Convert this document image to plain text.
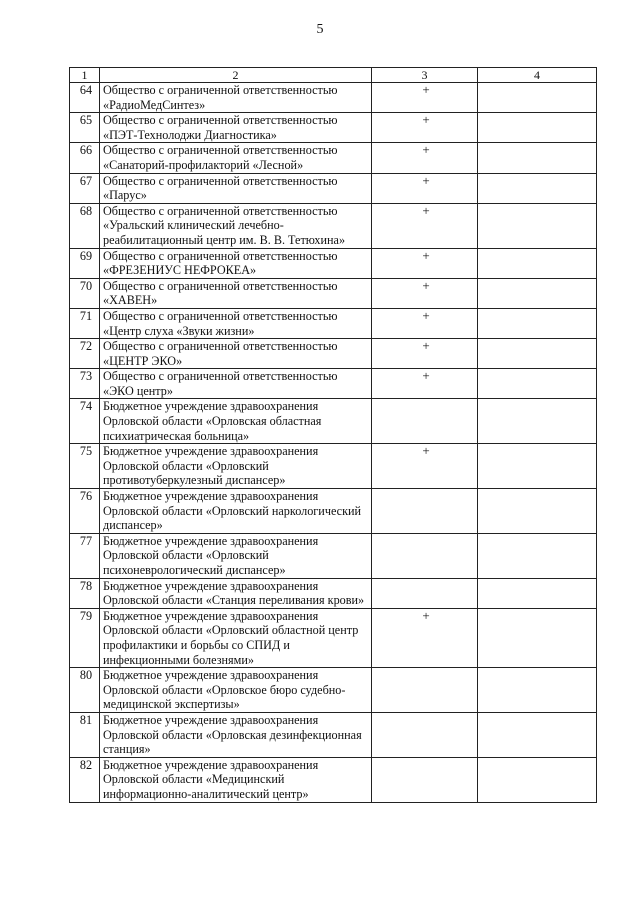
5
1	2	3	4
64	Общество с ограниченной ответственностью «РадиоМедСинтез»	+	
65	Общество с ограниченной ответственностью «ПЭТ-Технолоджи Диагностика»	+	
66	Общество с ограниченной ответственностью «Санаторий-профилакторий «Лесной»	+	
67	Общество с ограниченной ответственностью «Парус»	+	
68	Общество с ограниченной ответственностью «Уральский клинический лечебно-реабилитационный центр им. В. В. Тетюхина»	+	
69	Общество с ограниченной ответственностью «ФРЕЗЕНИУС НЕФРОКЕА»	+	
70	Общество с ограниченной ответственностью «ХАВЕН»	+	
71	Общество с ограниченной ответственностью «Центр слуха «Звуки жизни»	+	
72	Общество с ограниченной ответственностью «ЦЕНТР ЭКО»	+	
73	Общество с ограниченной ответственностью «ЭКО центр»	+	
74	Бюджетное учреждение здравоохранения Орловской области «Орловская областная психиатрическая больница»		
75	Бюджетное учреждение здравоохранения Орловской области «Орловский противотуберкулезный диспансер»	+	
76	Бюджетное учреждение здравоохранения Орловской области «Орловский наркологический диспансер»		
77	Бюджетное учреждение здравоохранения Орловской области «Орловский психоневрологический диспансер»		
78	Бюджетное учреждение здравоохранения Орловской области «Станция переливания крови»		
79	Бюджетное учреждение здравоохранения Орловской области «Орловский областной центр профилактики и борьбы со СПИД и инфекционными болезнями»	+	
80	Бюджетное учреждение здравоохранения Орловской области «Орловское бюро судебно-медицинской экспертизы»		
81	Бюджетное учреждение здравоохранения Орловской области «Орловская дезинфекционная станция»		
82	Бюджетное учреждение здравоохранения Орловской области «Медицинский информационно-аналитический центр»		
